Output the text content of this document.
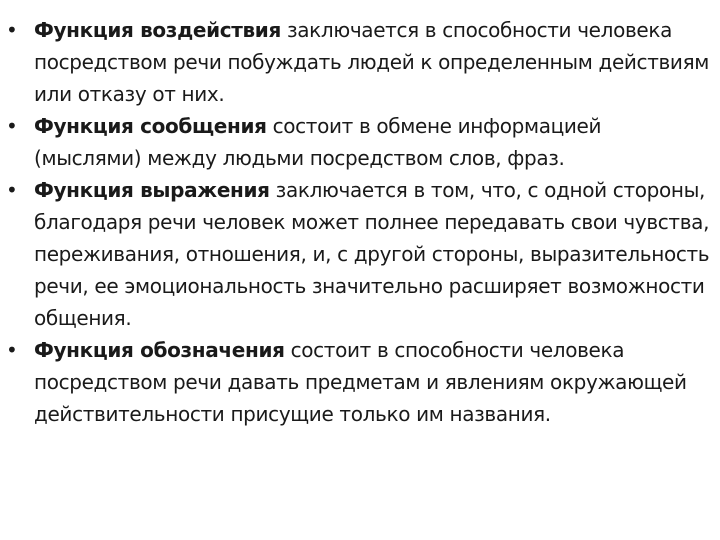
• Функция воздействия заключается в способности человека посредством речи побуждать людей к определенным действиям или отказу от них.
• Функция сообщения состоит в обмене информацией (мыслями) между людьми посредством слов, фраз.
• Функция выражения заключается в том, что, с одной стороны, благодаря речи человек может полнее передавать свои чувства, переживания, отношения, и, с другой стороны, выразительность речи, ее эмоциональность значительно расширяет возможности общения.
• Функция обозначения состоит в способности человека посредством речи давать предметам и явлениям окружающей действительности присущие только им названия.
